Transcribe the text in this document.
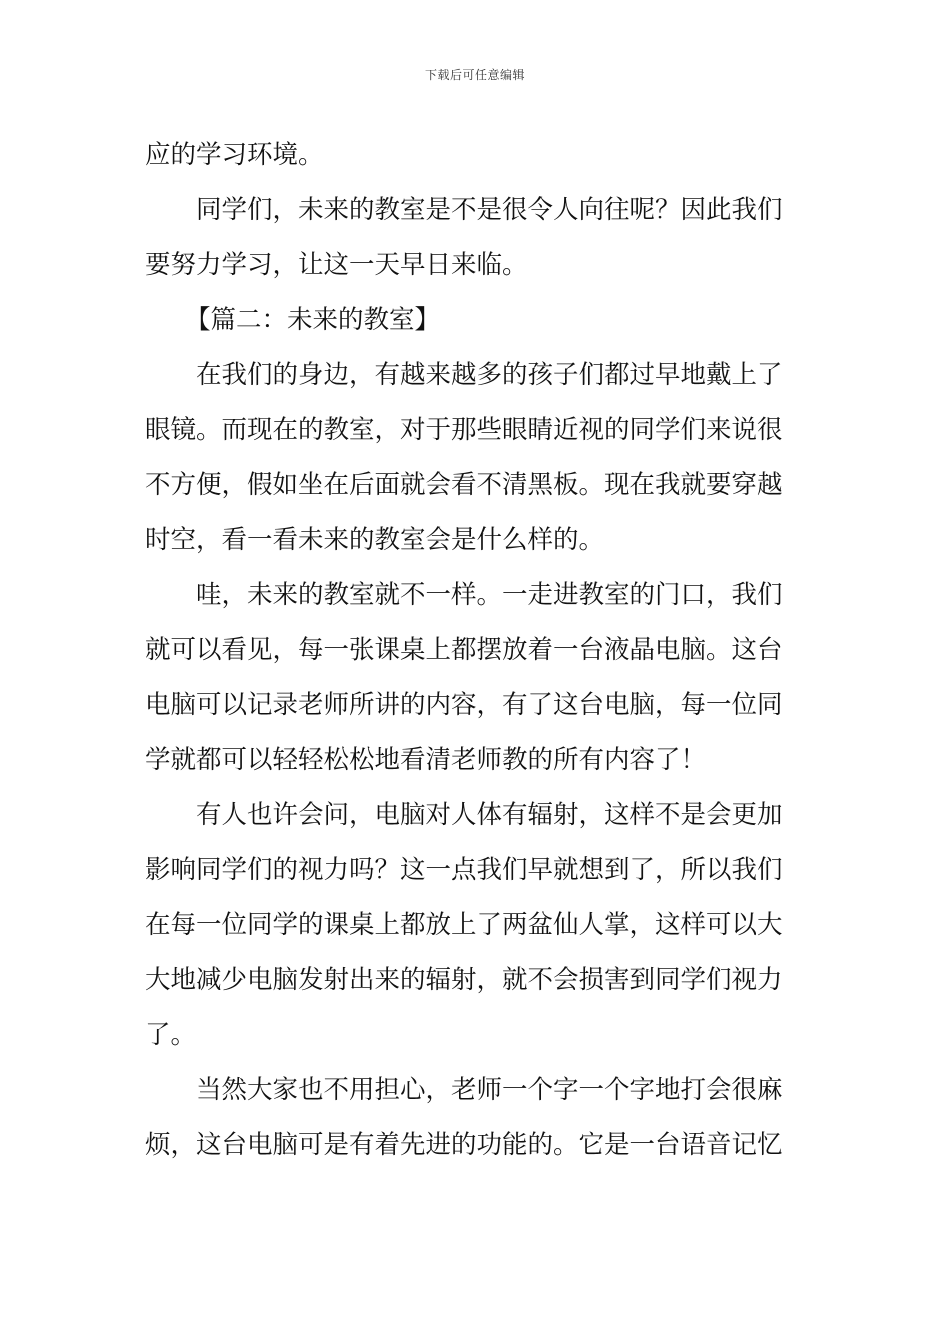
下载后可任意编辑
应的学习环境。
同学们，未来的教室是不是很令人向往呢？因此我们
要努力学习，让这一天早日来临。
【篇二：未来的教室】
在我们的身边，有越来越多的孩子们都过早地戴上了
眼镜。而现在的教室，对于那些眼睛近视的同学们来说很
不方便，假如坐在后面就会看不清黑板。现在我就要穿越
时空，看一看未来的教室会是什么样的。
哇，未来的教室就不一样。一走进教室的门口，我们
就可以看见，每一张课桌上都摆放着一台液晶电脑。这台
电脑可以记录老师所讲的内容，有了这台电脑，每一位同
学就都可以轻轻松松地看清老师教的所有内容了！
有人也许会问，电脑对人体有辐射，这样不是会更加
影响同学们的视力吗？这一点我们早就想到了，所以我们
在每一位同学的课桌上都放上了两盆仙人掌，这样可以大
大地减少电脑发射出来的辐射，就不会损害到同学们视力
了。
当然大家也不用担心，老师一个字一个字地打会很麻
烦，这台电脑可是有着先进的功能的。它是一台语音记忆
